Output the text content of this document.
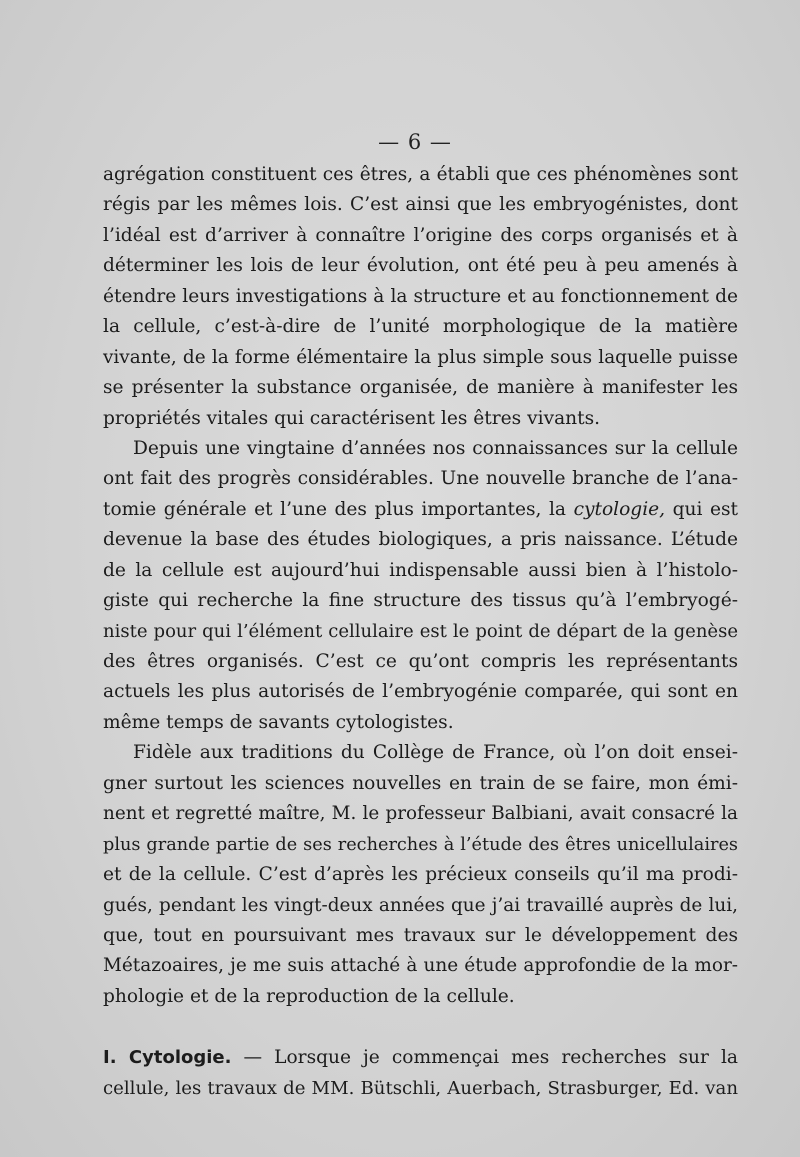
— 6 —
agrégation constituent ces êtres, a établi que ces phénomènes sont
régis par les mêmes lois. C’est ainsi que les embryogénistes, dont
l’idéal est d’arriver à connaître l’origine des corps organisés et à
déterminer les lois de leur évolution, ont été peu à peu amenés à
étendre leurs investigations à la structure et au fonctionnement de
la cellule, c’est-à-dire de l’unité morphologique de la matière
vivante, de la forme élémentaire la plus simple sous laquelle puisse
se présenter la substance organisée, de manière à manifester les
propriétés vitales qui caractérisent les êtres vivants.
Depuis une vingtaine d’années nos connaissances sur la cellule
ont fait des progrès considérables. Une nouvelle branche de l’ana-
tomie générale et l’une des plus importantes, la cytologie, qui est
devenue la base des études biologiques, a pris naissance. L’étude
de la cellule est aujourd’hui indispensable aussi bien à l’histolo-
giste qui recherche la fine structure des tissus qu’à l’embryogé-
niste pour qui l’élément cellulaire est le point de départ de la genèse
des êtres organisés. C’est ce qu’ont compris les représentants
actuels les plus autorisés de l’embryogénie comparée, qui sont en
même temps de savants cytologistes.
Fidèle aux traditions du Collège de France, où l’on doit ensei-
gner surtout les sciences nouvelles en train de se faire, mon émi-
nent et regretté maître, M. le professeur Balbiani, avait consacré la
plus grande partie de ses recherches à l’étude des êtres unicellulaires
et de la cellule. C’est d’après les précieux conseils qu’il ma prodi-
gués, pendant les vingt-deux années que j’ai travaillé auprès de lui,
que, tout en poursuivant mes travaux sur le développement des
Métazoaires, je me suis attaché à une étude approfondie de la mor-
phologie et de la reproduction de la cellule.
I. Cytologie. — Lorsque je commençai mes recherches sur la
cellule, les travaux de MM. Bütschli, Auerbach, Strasburger, Ed. van
